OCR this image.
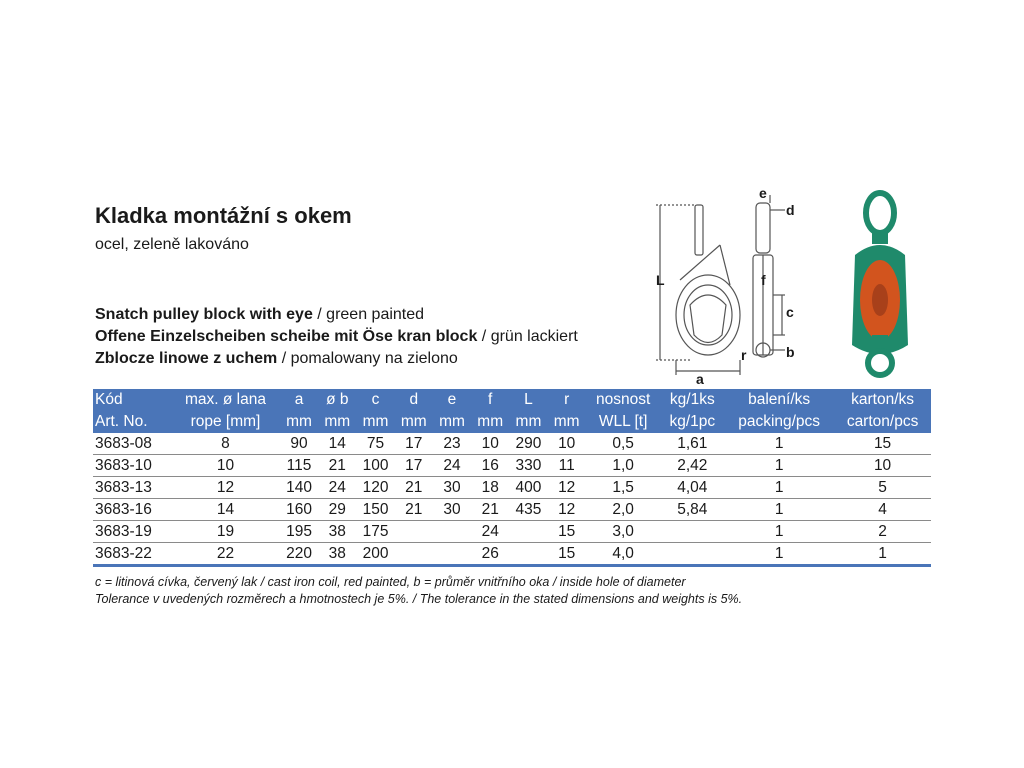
Kladka montážní s okem
ocel, zeleně lakováno
Snatch pulley block with eye / green painted
Offene Einzelscheiben scheibe mit Öse kran block / grün lackiert
Zblocze linowe z uchem / pomalowany na zielono
L
a
e
d
f
c
r	b
Kód	max. ø lana	a	ø b	c	d	e	f	L	r	nosnost	kg/1ks	balení/ks	karton/ks
Art. No.	rope [mm]	mm	mm	mm	mm	mm	mm	mm	mm	WLL [t]	kg/1pc	packing/pcs	carton/pcs
3683-08	8	90	14	75	17	23	10	290	10	0,5	1,61	1	15
3683-10	10	115	21	100	17	24	16	330	11	1,0	2,42	1	10
3683-13	12	140	24	120	21	30	18	400	12	1,5	4,04	1	5
3683-16	14	160	29	150	21	30	21	435	12	2,0	5,84	1	4
3683-19	19	195	38	175			24		15	3,0		1	2
3683-22	22	220	38	200			26		15	4,0		1	1
c = litinová cívka, červený lak / cast iron coil, red painted, b = průměr vnitřního oka / inside hole of diameter
Tolerance v uvedených rozměrech a hmotnostech je 5%. / The tolerance in the stated dimensions and weights is 5%.
